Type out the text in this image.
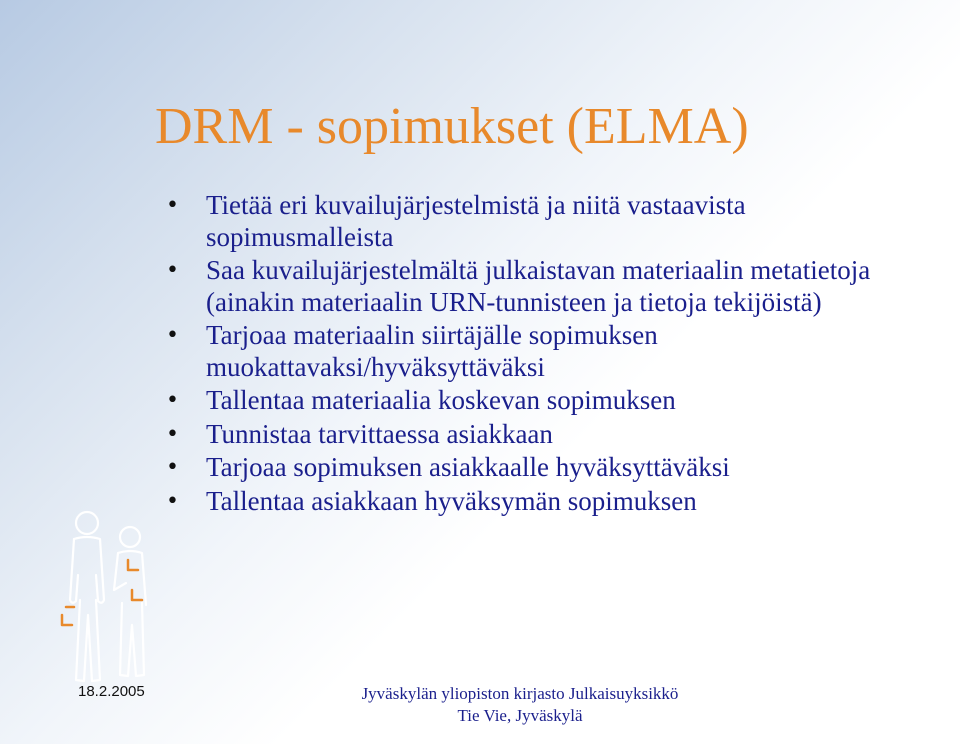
DRM - sopimukset (ELMA)
• Tietää eri kuvailujärjestelmistä ja niitä vastaavista sopimusmalleista
• Saa kuvailujärjestelmältä julkaistavan materiaalin metatietoja (ainakin materiaalin URN-tunnisteen ja tietoja tekijöistä)
• Tarjoaa materiaalin siirtäjälle sopimuksen muokattavaksi/hyväksyttäväksi
• Tallentaa materiaalia koskevan sopimuksen
• Tunnistaa tarvittaessa asiakkaan
• Tarjoaa sopimuksen asiakkaalle hyväksyttäväksi
• Tallentaa asiakkaan hyväksymän sopimuksen
18.2.2005	Jyväskylän yliopiston kirjasto Julkaisuyksikkö
Tie Vie, Jyväskylä
